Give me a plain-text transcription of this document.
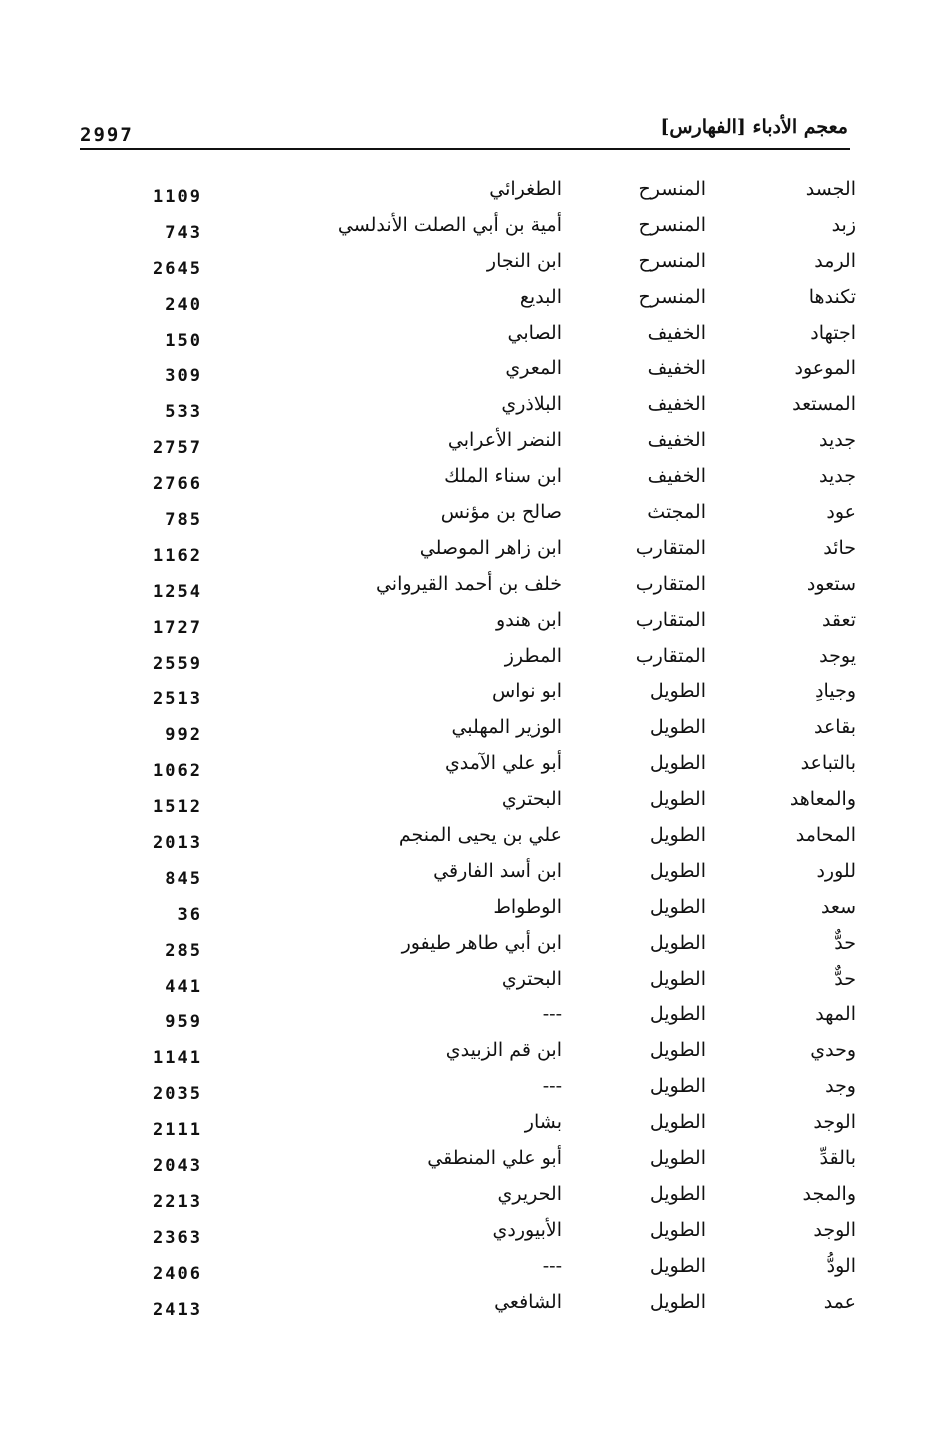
معجم الأدباء [الفهارس]
2997
الجسد
المنسرح
الطغرائي
1109
زبد
المنسرح
أمية بن أبي الصلت الأندلسي
743
الرمد
المنسرح
ابن النجار
2645
تكندها
المنسرح
البديع
240
اجتهاد
الخفيف
الصابي
150
الموعود
الخفيف
المعري
309
المستعد
الخفيف
البلاذري
533
جديد
الخفيف
النضر الأعرابي
2757
جديد
الخفيف
ابن سناء الملك
2766
عود
المجتث
صالح بن مؤنس
785
حائد
المتقارب
ابن زاهر الموصلي
1162
ستعود
المتقارب
خلف بن أحمد القيرواني
1254
تعقد
المتقارب
ابن هندو
1727
يوجد
المتقارب
المطرز
2559
وجيادِ
الطويل
ابو نواس
2513
بقاعد
الطويل
الوزير المهلبي
992
بالتباعد
الطويل
أبو علي الآمدي
1062
والمعاهد
الطويل
البحتري
1512
المحامد
الطويل
علي بن يحيى المنجم
2013
للورد
الطويل
ابن أسد الفارقي
845
سعد
الطويل
الوطواط
36
حدٌّ
الطويل
ابن أبي طاهر طيفور
285
حدٌّ
الطويل
البحتري
441
المهد
الطويل
---
959
وحدي
الطويل
ابن قم الزبيدي
1141
وجد
الطويل
---
2035
الوجد
الطويل
بشار
2111
بالقدِّ
الطويل
أبو علي المنطقي
2043
والمجد
الطويل
الحريري
2213
الوجد
الطويل
الأبيوردي
2363
الودُّ
الطويل
---
2406
عمد
الطويل
الشافعي
2413
